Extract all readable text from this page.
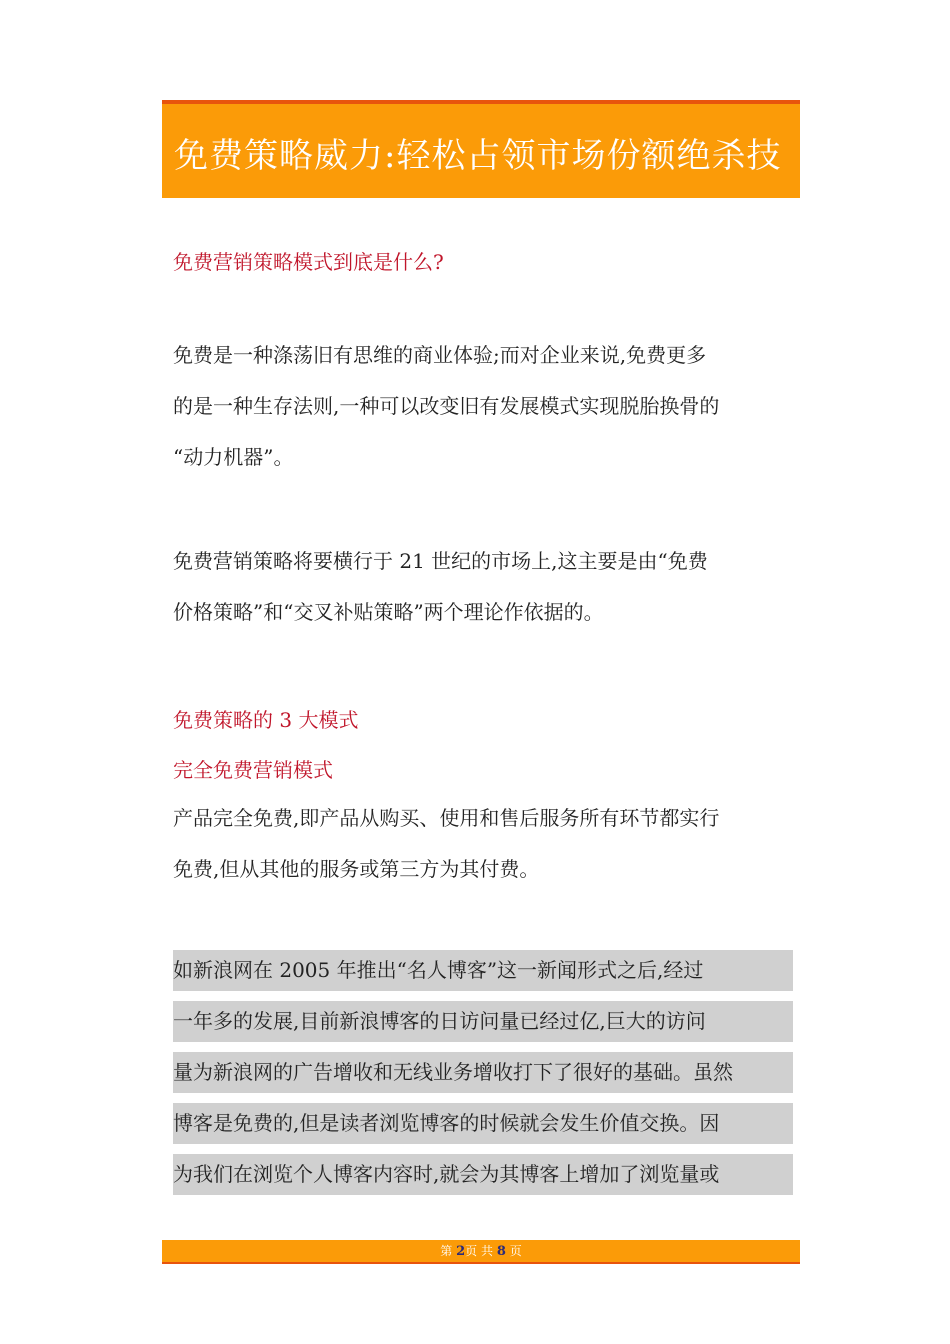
免费策略威力:轻松占领市场份额绝杀技
免费营销策略模式到底是什么?

免费是一种涤荡旧有思维的商业体验;而对企业来说,免费更多
的是一种生存法则,一种可以改变旧有发展模式实现脱胎换骨的
“动力机器”。

免费营销策略将要横行于 21 世纪的市场上,这主要是由“免费
价格策略”和“交叉补贴策略”两个理论作依据的。

免费策略的 3 大模式
完全免费营销模式

产品完全免费,即产品从购买、使用和售后服务所有环节都实行
免费,但从其他的服务或第三方为其付费。

如新浪网在 2005 年推出“名人博客”这一新闻形式之后,经过
一年多的发展,目前新浪博客的日访问量已经过亿,巨大的访问
量为新浪网的广告增收和无线业务增收打下了很好的基础。虽然
博客是免费的,但是读者浏览博客的时候就会发生价值交换。因
为我们在浏览个人博客内容时,就会为其博客上增加了浏览量或
第 2页 共 8 页
